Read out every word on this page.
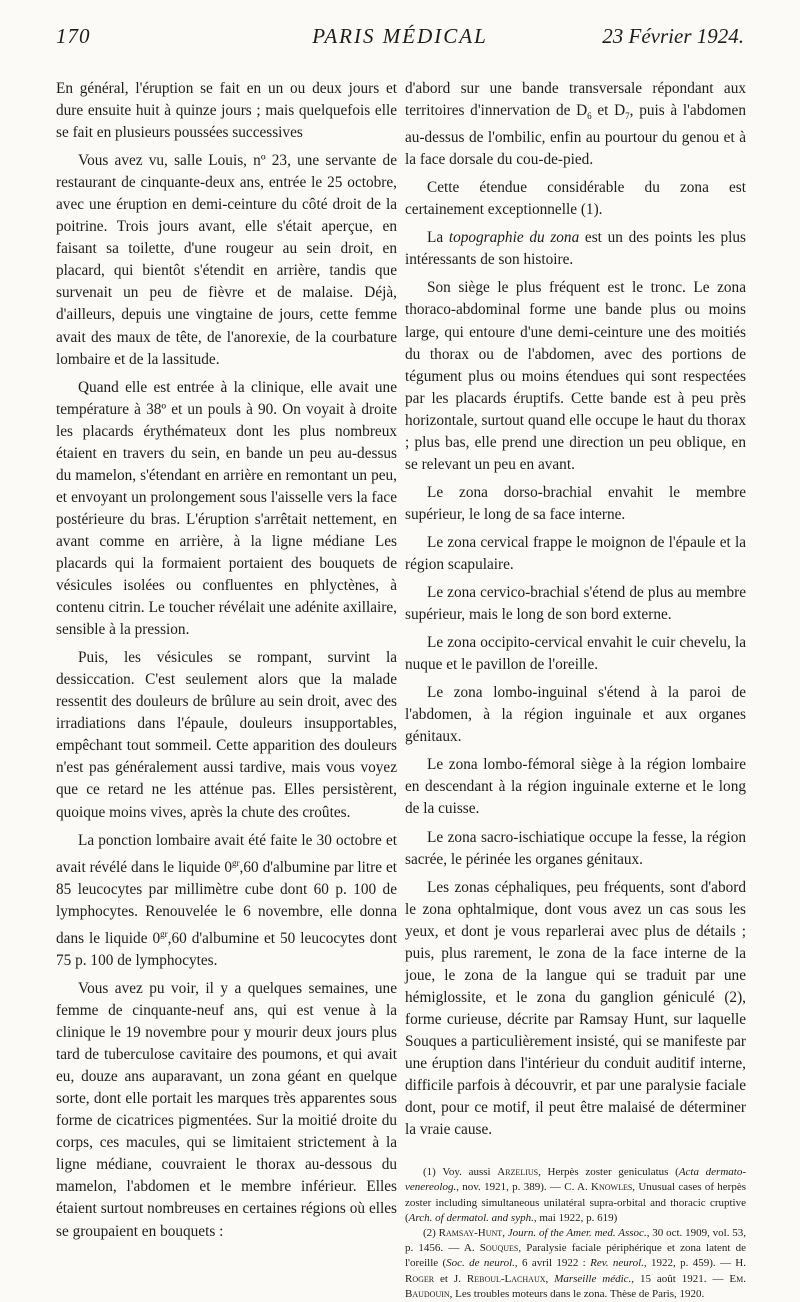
PARIS MÉDICAL
170	23 Février 1924.

En général, l'éruption se fait en un ou deux jours et dure ensuite huit à quinze jours ; mais quelquefois elle se fait en plusieurs poussées successives

Vous avez vu, salle Louis, nº 23, une servante de restaurant de cinquante-deux ans, entrée le 25 octobre, avec une éruption en demi-ceinture du côté droit de la poitrine. Trois jours avant, elle s'était aperçue, en faisant sa toilette, d'une rougeur au sein droit, en placard, qui bientôt s'étendit en arrière, tandis que survenait un peu de fièvre et de malaise. Déjà, d'ailleurs, depuis une vingtaine de jours, cette femme avait des maux de tête, de l'anorexie, de la courbature lombaire et de la lassitude.

Quand elle est entrée à la clinique, elle avait une température à 38º et un pouls à 90. On voyait à droite les placards érythémateux dont les plus nombreux étaient en travers du sein, en bande un peu au-dessus du mamelon, s'étendant en arrière en remontant un peu, et envoyant un prolongement sous l'aisselle vers la face postérieure du bras. L'éruption s'arrêtait nettement, en avant comme en arrière, à la ligne médiane Les placards qui la formaient portaient des bouquets de vésicules isolées ou confluentes en phlyctènes, à contenu citrin. Le toucher révélait une adénite axillaire, sensible à la pression.

Puis, les vésicules se rompant, survint la dessiccation. C'est seulement alors que la malade ressentit des douleurs de brûlure au sein droit, avec des irradiations dans l'épaule, douleurs insupportables, empêchant tout sommeil. Cette apparition des douleurs n'est pas généralement aussi tardive, mais vous voyez que ce retard ne les atténue pas. Elles persistèrent, quoique moins vives, après la chute des croûtes.

La ponction lombaire avait été faite le 30 octobre et avait révélé dans le liquide $0^{gr},60$ d'albumine par litre et 85 leucocytes par millimètre cube dont 60 p. 100 de lymphocytes. Renouvelée le 6 novembre, elle donna dans le liquide $0^{gr},60$ d'albumine et 50 leucocytes dont 75 p. 100 de lymphocytes.

Vous avez pu voir, il y a quelques semaines, une femme de cinquante-neuf ans, qui est venue à la clinique le 19 novembre pour y mourir deux jours plus tard de tuberculose cavitaire des poumons, et qui avait eu, douze ans auparavant, un zona géant en quelque sorte, dont elle portait les marques très apparentes sous forme de cicatrices pigmentées. Sur la moitié droite du corps, ces macules, qui se limitaient strictement à la ligne médiane, couvraient le thorax au-dessous du mamelon, l'abdomen et le membre inférieur. Elles étaient surtout nombreuses en certaines régions où elles se groupaient en bouquets :

d'abord sur une bande transversale répondant aux territoires d'innervation de $D_6$ et $D_7$, puis à l'abdomen au-dessus de l'ombilic, enfin au pourtour du genou et à la face dorsale du cou-de-pied.

Cette étendue considérable du zona est certainement exceptionnelle (1).

La topographie du zona est un des points les plus intéressants de son histoire.

Son siège le plus fréquent est le tronc. Le zona thoraco-abdominal forme une bande plus ou moins large, qui entoure d'une demi-ceinture une des moitiés du thorax ou de l'abdomen, avec des portions de tégument plus ou moins étendues qui sont respectées par les placards éruptifs. Cette bande est à peu près horizontale, surtout quand elle occupe le haut du thorax ; plus bas, elle prend une direction un peu oblique, en se relevant un peu en avant.

Le zona dorso-brachial envahit le membre supérieur, le long de sa face interne.

Le zona cervical frappe le moignon de l'épaule et la région scapulaire.

Le zona cervico-brachial s'étend de plus au membre supérieur, mais le long de son bord externe.

Le zona occipito-cervical envahit le cuir chevelu, la nuque et le pavillon de l'oreille.

Le zona lombo-inguinal s'étend à la paroi de l'abdomen, à la région inguinale et aux organes génitaux.

Le zona lombo-fémoral siège à la région lombaire en descendant à la région inguinale externe et le long de la cuisse.

Le zona sacro-ischiatique occupe la fesse, la région sacrée, le périnée les organes génitaux.

Les zonas céphaliques, peu fréquents, sont d'abord le zona ophtalmique, dont vous avez un cas sous les yeux, et dont je vous reparlerai avec plus de détails ; puis, plus rarement, le zona de la face interne de la joue, le zona de la langue qui se traduit par une hémiglossite, et le zona du ganglion géniculé (2), forme curieuse, décrite par Ramsay Hunt, sur laquelle Souques a particulièrement insisté, qui se manifeste par une éruption dans l'intérieur du conduit auditif interne, difficile parfois à découvrir, et par une paralysie faciale dont, pour ce motif, il peut être malaisé de déterminer la vraie cause.

(1) Voy. aussi Arzelius, Herpès zoster geniculatus (Acta dermato-venereolog., nov. 1921, p. 389). — C. A. Knowles, Unusual cases of herpès zoster including simultaneous unilatéral supra-orbital and thoracic cruptive (Arch. of dermatol. and syph., mai 1922, p. 619)

(2) Ramsay-Hunt, Journ. of the Amer. med. Assoc., 30 oct. 1909, vol. 53, p. 1456. — A. Souques, Paralysie faciale périphérique et zona latent de l'oreille (Soc. de neurol., 6 avril 1922 : Rev. neurol., 1922, p. 459). — H. Roger et J. Reboul-Lachaux, Marseille médic., 15 août 1921. — Em. Baudouin, Les troubles moteurs dans le zona. Thèse de Paris, 1920.
